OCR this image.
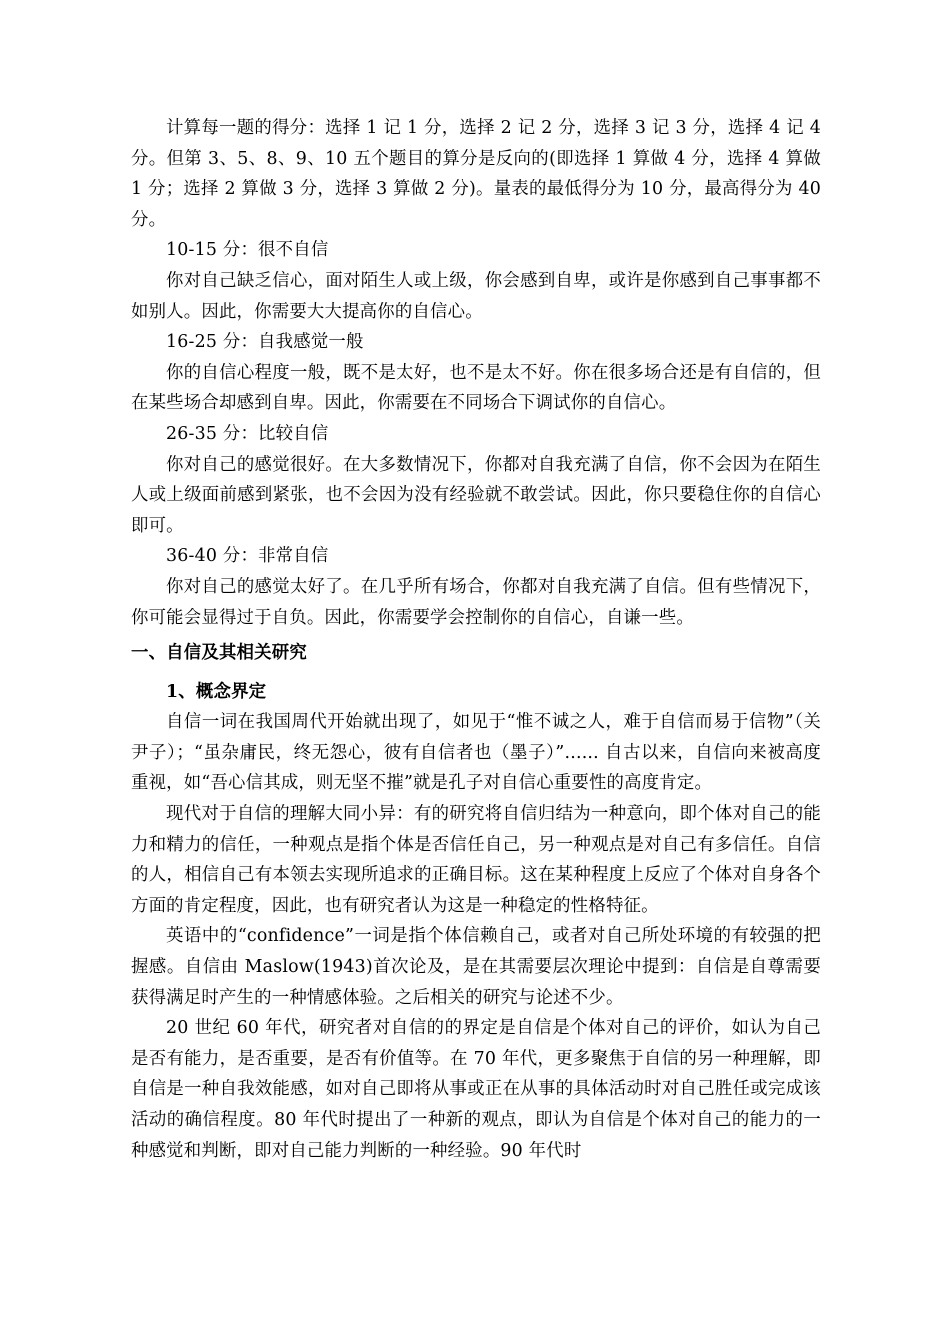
计算每一题的得分：选择 1 记 1 分，选择 2 记 2 分，选择 3 记 3 分，选择 4 记 4 分。但第 3、5、8、9、10 五个题目的算分是反向的(即选择 1 算做 4 分，选择 4 算做 1 分；选择 2 算做 3 分，选择 3 算做 2 分)。量表的最低得分为 10 分，最高得分为 40 分。

10-15 分：很不自信

你对自己缺乏信心，面对陌生人或上级，你会感到自卑，或许是你感到自己事事都不如别人。因此，你需要大大提高你的自信心。

16-25 分：自我感觉一般

你的自信心程度一般，既不是太好，也不是太不好。你在很多场合还是有自信的，但在某些场合却感到自卑。因此，你需要在不同场合下调试你的自信心。

26-35 分：比较自信

你对自己的感觉很好。在大多数情况下，你都对自我充满了自信，你不会因为在陌生人或上级面前感到紧张，也不会因为没有经验就不敢尝试。因此，你只要稳住你的自信心即可。

36-40 分：非常自信

你对自己的感觉太好了。在几乎所有场合，你都对自我充满了自信。但有些情况下，你可能会显得过于自负。因此，你需要学会控制你的自信心，自谦一些。

一、自信及其相关研究

1、概念界定

自信一词在我国周代开始就出现了，如见于“惟不诚之人，难于自信而易于信物”（关尹子）；“虽杂庸民，终无怨心，彼有自信者也（墨子）”...... 自古以来，自信向来被高度重视，如“吾心信其成，则无坚不摧”就是孔子对自信心重要性的高度肯定。

现代对于自信的理解大同小异：有的研究将自信归结为一种意向，即个体对自己的能力和精力的信任，一种观点是指个体是否信任自己，另一种观点是对自己有多信任。自信的人，相信自己有本领去实现所追求的正确目标。这在某种程度上反应了个体对自身各个方面的肯定程度，因此，也有研究者认为这是一种稳定的性格特征。

英语中的“confidence”一词是指个体信赖自己，或者对自己所处环境的有较强的把握感。自信由 Maslow(1943)首次论及，是在其需要层次理论中提到：自信是自尊需要获得满足时产生的一种情感体验。之后相关的研究与论述不少。

20 世纪 60 年代，研究者对自信的的界定是自信是个体对自己的评价，如认为自己是否有能力，是否重要，是否有价值等。在 70 年代，更多聚焦于自信的另一种理解，即自信是一种自我效能感，如对自己即将从事或正在从事的具体活动时对自己胜任或完成该活动的确信程度。80 年代时提出了一种新的观点，即认为自信是个体对自己的能力的一种感觉和判断，即对自己能力判断的一种经验。90 年代时
